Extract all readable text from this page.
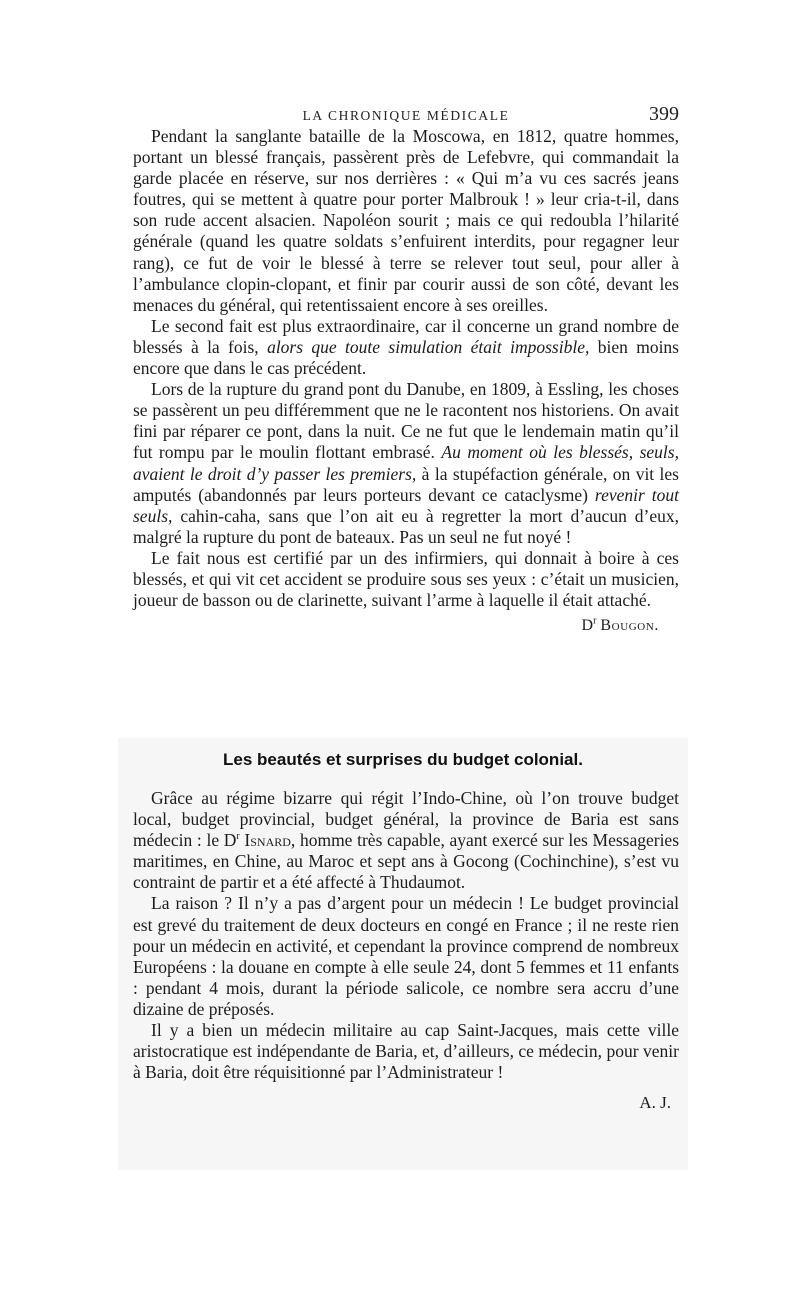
LA CHRONIQUE MÉDICALE	399

Pendant la sanglante bataille de la Moscowa, en 1812, quatre hommes, portant un blessé français, passèrent près de Lefebvre, qui commandait la garde placée en réserve, sur nos derrières : « Qui m’a vu ces sacrés jeans foutres, qui se mettent à quatre pour porter Malbrouk ! » leur cria-t-il, dans son rude accent alsacien. Napoléon sourit ; mais ce qui redoubla l’hilarité générale (quand les quatre soldats s’enfuirent interdits, pour regagner leur rang), ce fut de voir le blessé à terre se relever tout seul, pour aller à l’ambulance clopin-clopant, et finir par courir aussi de son côté, devant les menaces du général, qui retentissaient encore à ses oreilles.

Le second fait est plus extraordinaire, car il concerne un grand nombre de blessés à la fois, alors que toute simulation était impossible, bien moins encore que dans le cas précédent.

Lors de la rupture du grand pont du Danube, en 1809, à Essling, les choses se passèrent un peu différemment que ne le racontent nos historiens. On avait fini par réparer ce pont, dans la nuit. Ce ne fut que le lendemain matin qu’il fut rompu par le moulin flottant embrasé. Au moment où les blessés, seuls, avaient le droit d’y passer les premiers, à la stupéfaction générale, on vit les amputés (abandonnés par leurs porteurs devant ce cataclysme) revenir tout seuls, cahin-caha, sans que l’on ait eu à regretter la mort d’aucun d’eux, malgré la rupture du pont de bateaux. Pas un seul ne fut noyé !

Le fait nous est certifié par un des infirmiers, qui donnait à boire à ces blessés, et qui vit cet accident se produire sous ses yeux : c’était un musicien, joueur de basson ou de clarinette, suivant l’arme à laquelle il était attaché.

$D^r$ Bougon.
Les beautés et surprises du budget colonial.

Grâce au régime bizarre qui régit l’Indo-Chine, où l’on trouve budget local, budget provincial, budget général, la province de Baria est sans médecin : le $D^r$ Isnard, homme très capable, ayant exercé sur les Messageries maritimes, en Chine, au Maroc et sept ans à Gocong (Cochinchine), s’est vu contraint de partir et a été affecté à Thudaumot.

La raison ? Il n’y a pas d’argent pour un médecin ! Le budget provincial est grevé du traitement de deux docteurs en congé en France ; il ne reste rien pour un médecin en activité, et cependant la province comprend de nombreux Européens : la douane en compte à elle seule 24, dont 5 femmes et 11 enfants : pendant 4 mois, durant la période salicole, ce nombre sera accru d’une dizaine de préposés.

Il y a bien un médecin militaire au cap Saint-Jacques, mais cette ville aristocratique est indépendante de Baria, et, d’ailleurs, ce médecin, pour venir à Baria, doit être réquisitionné par l’Administrateur !

A. J.
